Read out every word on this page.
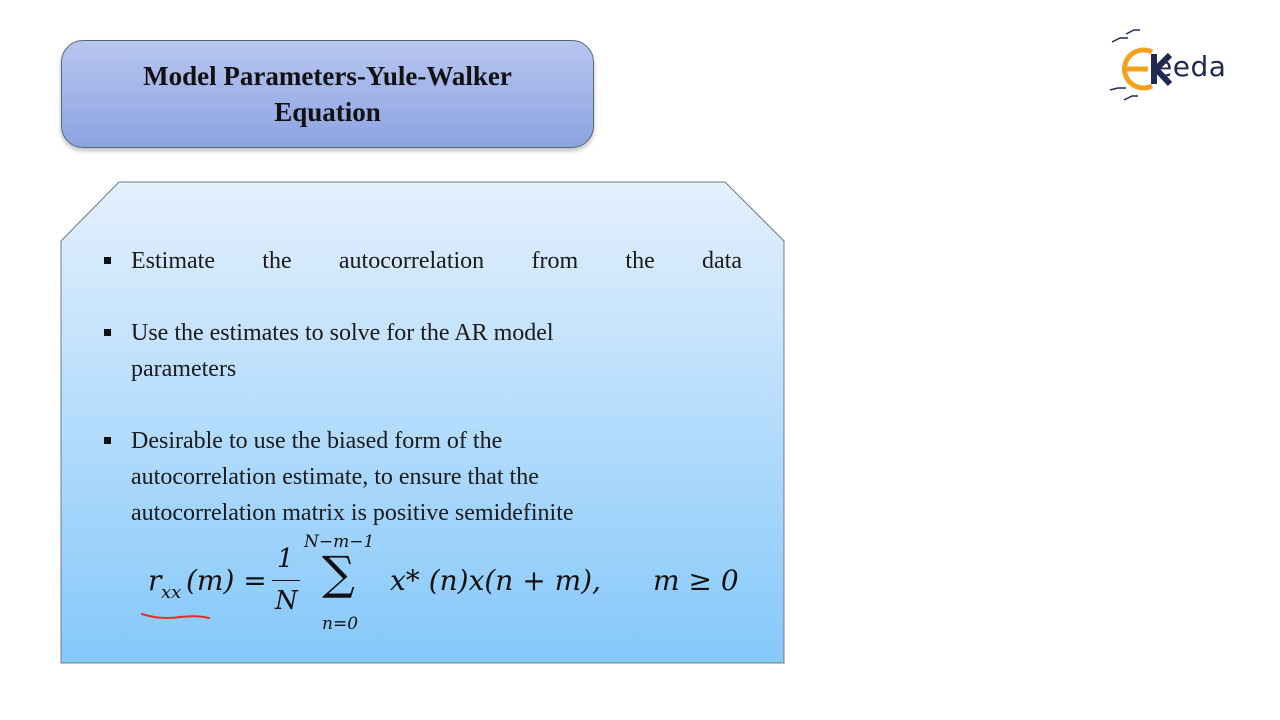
Model Parameters-Yule-Walker
Equation
eeda
Estimate the autocorrelation from the data
Use the estimates to solve for the AR model
parameters
Desirable to use the biased form of the
autocorrelation estimate, to ensure that the
autocorrelation matrix is positive semidefinite
r xx (m) =
1
N
N−m−1
∑
n=0
x* (n)x(n + m), m ≥ 0
